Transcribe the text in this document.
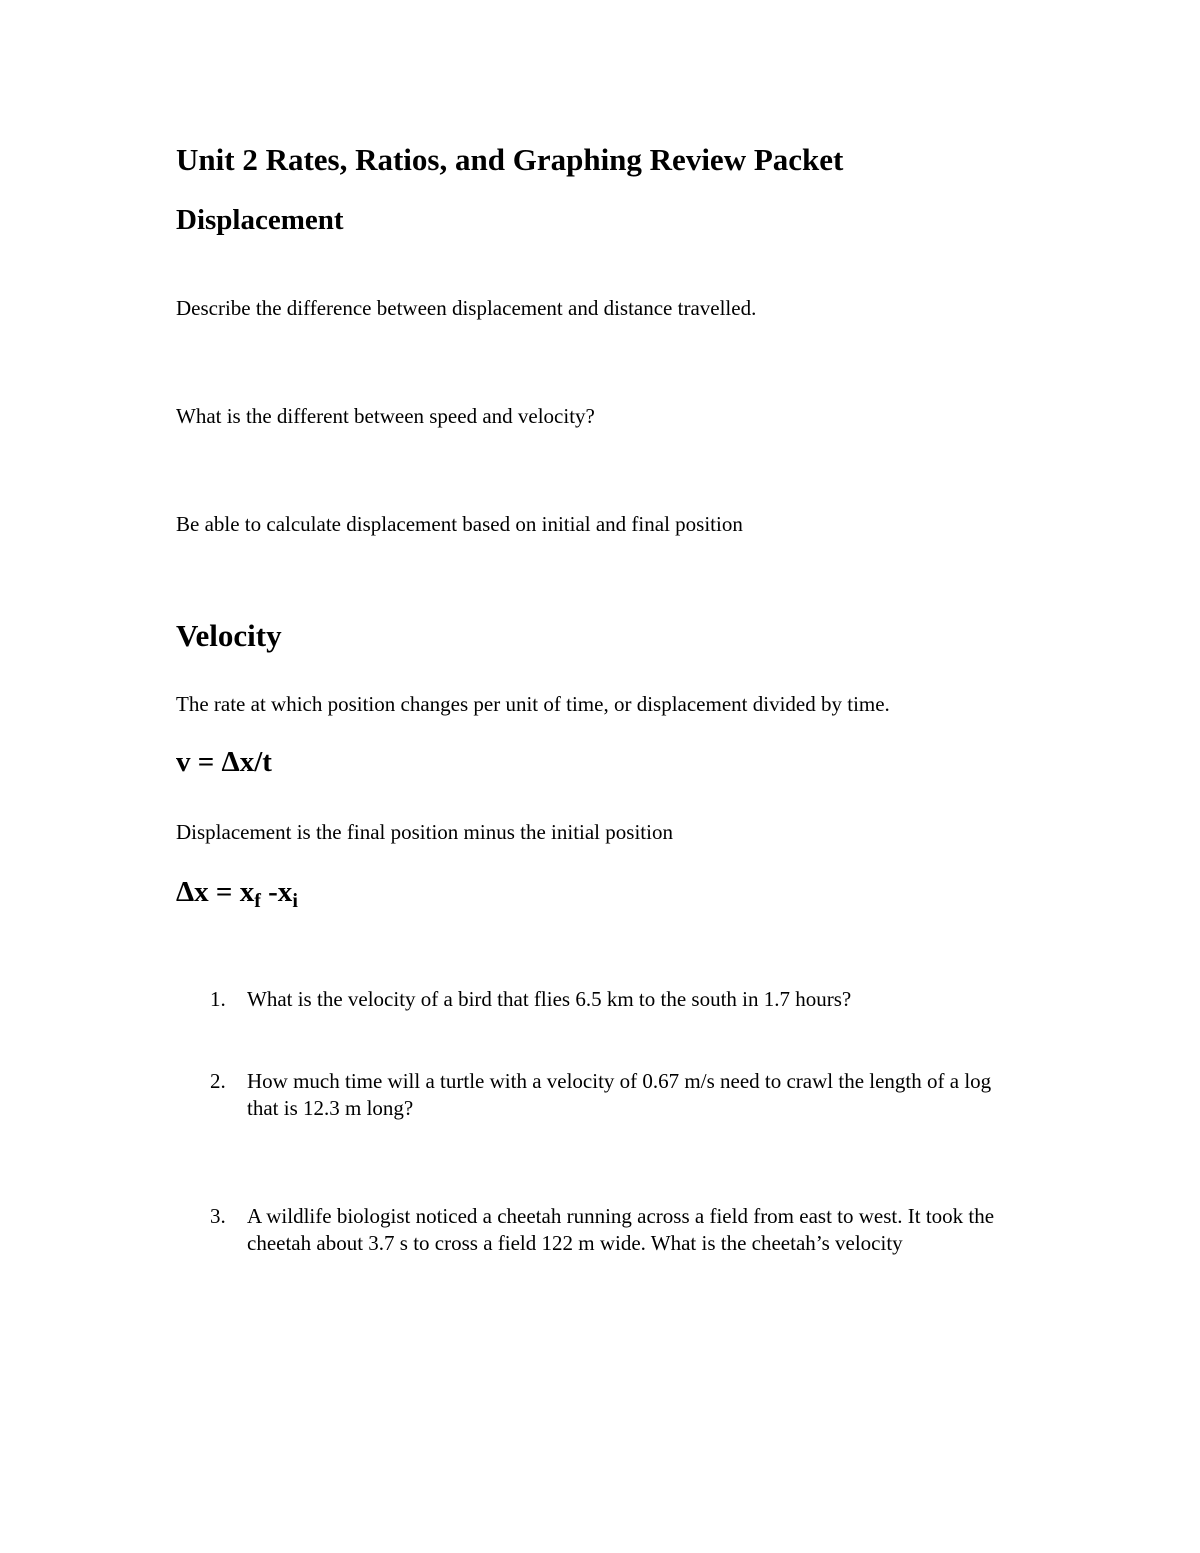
Unit 2 Rates, Ratios, and Graphing Review Packet
Displacement

Describe the difference between displacement and distance travelled.

What is the different between speed and velocity?

Be able to calculate displacement based on initial and final position

Velocity

The rate at which position changes per unit of time, or displacement divided by time.

v = Δx/t

Displacement is the final position minus the initial position

$\Delta x = x_f$ $-x_i$

1. What is the velocity of a bird that flies 6.5 km to the south in 1.7 hours?
2. How much time will a turtle with a velocity of 0.67 m/s need to crawl the length of a log that is 12.3 m long?
3. A wildlife biologist noticed a cheetah running across a field from east to west. It took the cheetah about 3.7 s to cross a field 122 m wide. What is the cheetah’s velocity
